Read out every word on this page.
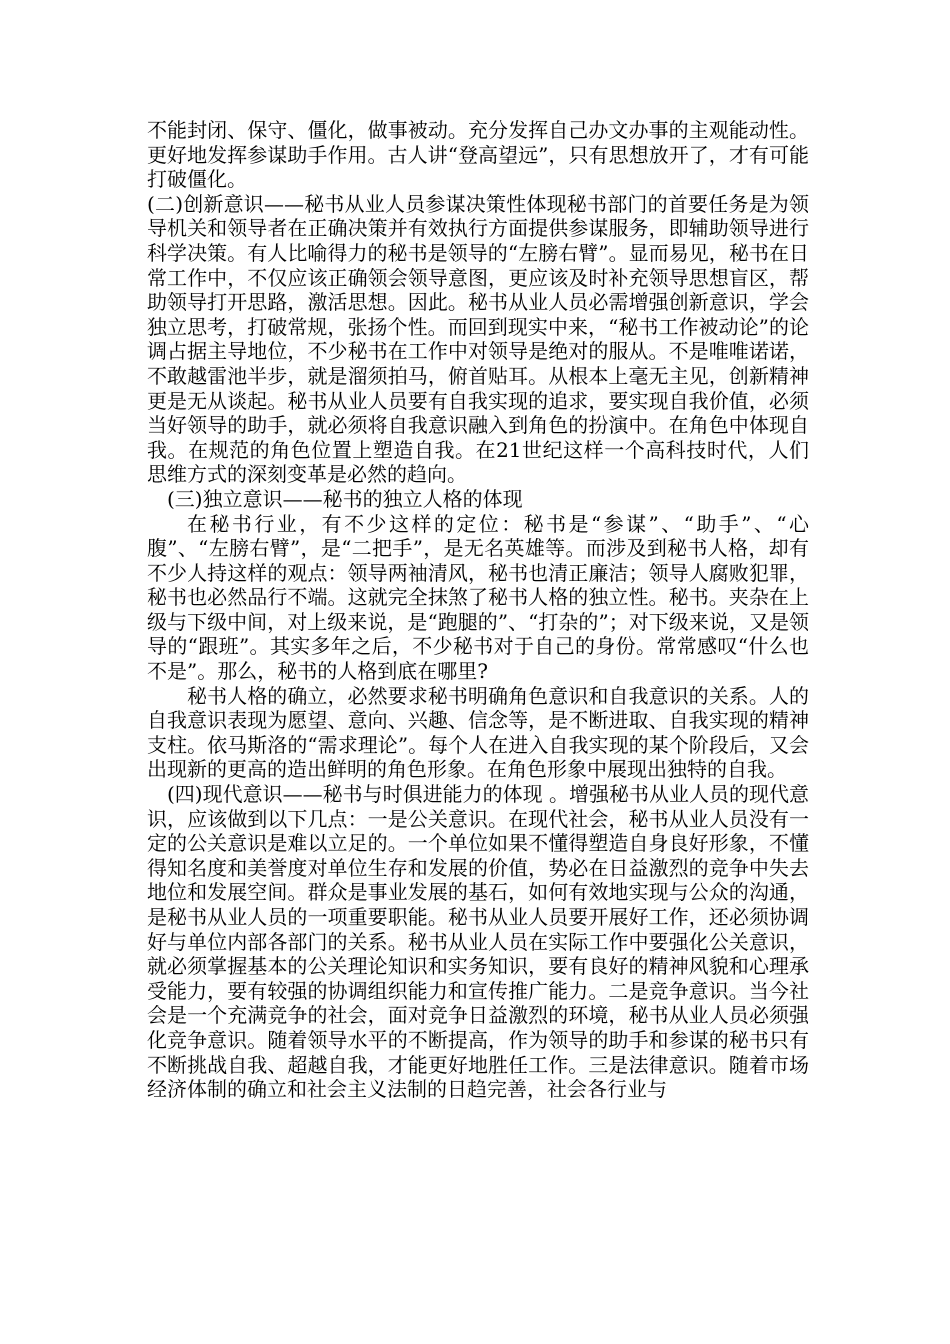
不能封闭、保守、僵化，做事被动。充分发挥自己办文办事的主观能动性。更好地发挥参谋助手作用。古人讲“登高望远”，只有思想放开了，才有可能打破僵化。

(二)创新意识——秘书从业人员参谋决策性体现秘书部门的首要任务是为领导机关和领导者在正确决策并有效执行方面提供参谋服务，即辅助领导进行科学决策。有人比喻得力的秘书是领导的“左膀右臂”。显而易见，秘书在日常工作中，不仅应该正确领会领导意图，更应该及时补充领导思想盲区，帮助领导打开思路，激活思想。因此。秘书从业人员必需增强创新意识，学会独立思考，打破常规，张扬个性。而回到现实中来，“秘书工作被动论”的论调占据主导地位，不少秘书在工作中对领导是绝对的服从。不是唯唯诺诺，不敢越雷池半步，就是溜须拍马，俯首贴耳。从根本上毫无主见，创新精神更是无从谈起。秘书从业人员要有自我实现的追求，要实现自我价值，必须当好领导的助手，就必须将自我意识融入到角色的扮演中。在角色中体现自我。在规范的角色位置上塑造自我。在21世纪这样一个高科技时代，人们思维方式的深刻变革是必然的趋向。

(三)独立意识——秘书的独立人格的体现

在秘书行业，有不少这样的定位：秘书是“参谋”、“助手”、“心腹”、“左膀右臂”，是“二把手”，是无名英雄等。而涉及到秘书人格，却有不少人持这样的观点：领导两袖清风，秘书也清正廉洁；领导人腐败犯罪，秘书也必然品行不端。这就完全抹煞了秘书人格的独立性。秘书。夹杂在上级与下级中间，对上级来说，是“跑腿的”、“打杂的”；对下级来说，又是领导的“跟班”。其实多年之后，不少秘书对于自己的身份。常常感叹“什么也不是”。那么，秘书的人格到底在哪里?

秘书人格的确立，必然要求秘书明确角色意识和自我意识的关系。人的自我意识表现为愿望、意向、兴趣、信念等，是不断进取、自我实现的精神支柱。依马斯洛的“需求理论”。每个人在进入自我实现的某个阶段后，又会出现新的更高的造出鲜明的角色形象。在角色形象中展现出独特的自我。

(四)现代意识——秘书与时俱进能力的体现 。增强秘书从业人员的现代意识，应该做到以下几点：一是公关意识。在现代社会，秘书从业人员没有一定的公关意识是难以立足的。一个单位如果不懂得塑造自身良好形象，不懂得知名度和美誉度对单位生存和发展的价值，势必在日益激烈的竞争中失去地位和发展空间。群众是事业发展的基石，如何有效地实现与公众的沟通，是秘书从业人员的一项重要职能。秘书从业人员要开展好工作，还必须协调好与单位内部各部门的关系。秘书从业人员在实际工作中要强化公关意识，就必须掌握基本的公关理论知识和实务知识，要有良好的精神风貌和心理承受能力，要有较强的协调组织能力和宣传推广能力。二是竞争意识。当今社会是一个充满竞争的社会，面对竞争日益激烈的环境，秘书从业人员必须强化竞争意识。随着领导水平的不断提高，作为领导的助手和参谋的秘书只有不断挑战自我、超越自我，才能更好地胜任工作。三是法律意识。随着市场经济体制的确立和社会主义法制的日趋完善，社会各行业与
